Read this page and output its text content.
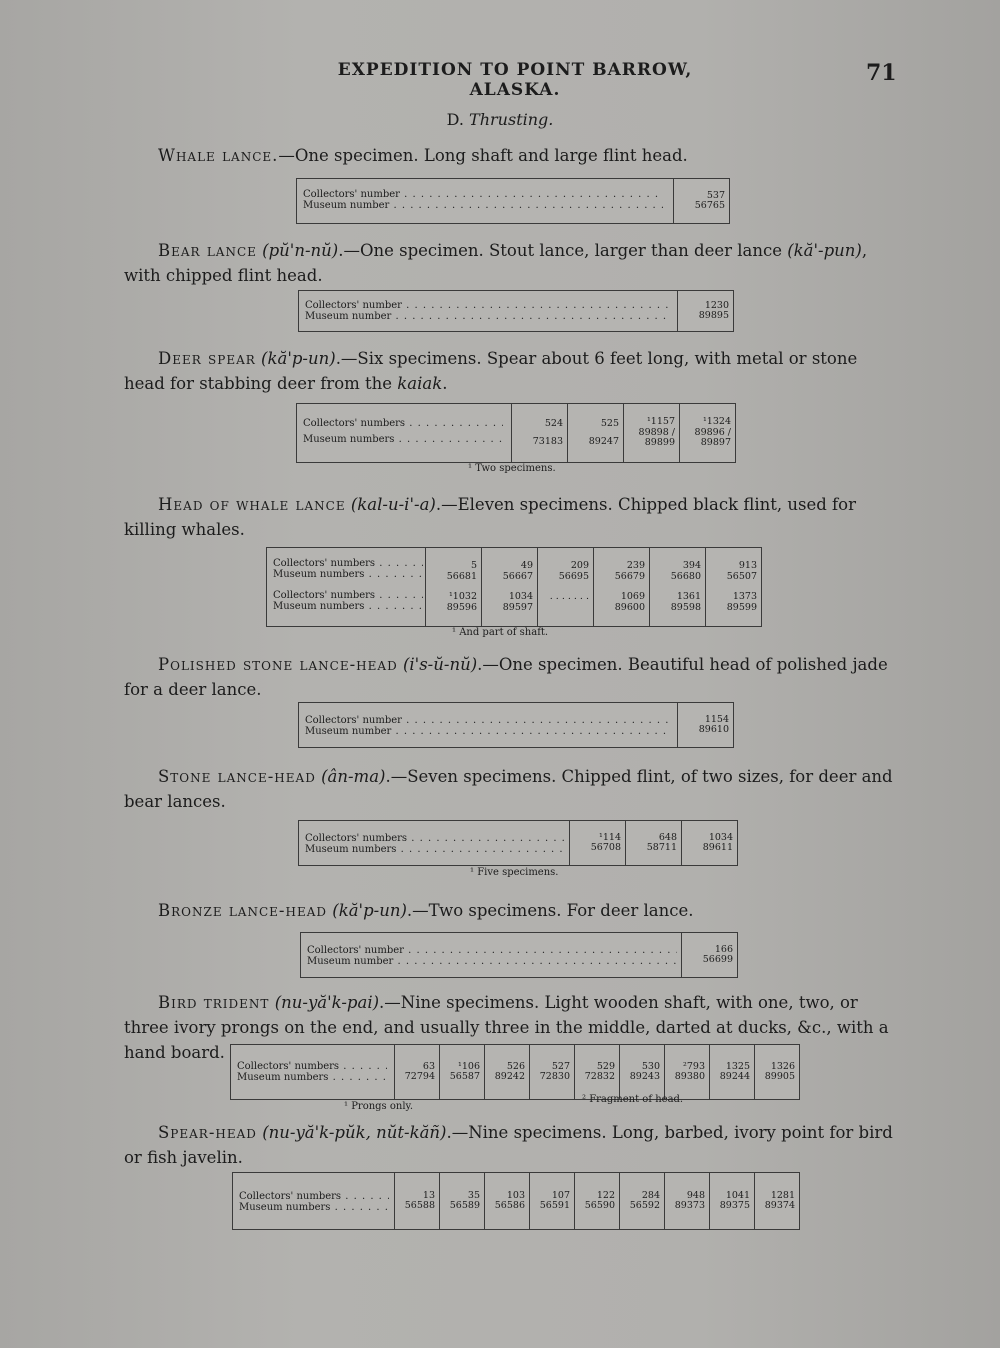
EXPEDITION TO POINT BARROW, ALASKA.
71
D. Thrusting.

Whale lance.—One specimen. Long shaft and large flint head.

Collectors' number . . .
Museum number . . .
537
56765

Bear lance (pŭ'n-nŭ).—One specimen. Stout lance, larger than deer lance (kă'-pun), with chipped flint head.

Collectors' number . . .
Museum number . . .
1230
89895

Deer spear (kă'p-un).—Six specimens. Spear about 6 feet long, with metal or stone head for stabbing deer from the kaiak.

Collectors' numbers . . .
Museum numbers . . .
524
73183
525
89247
¹1157
89898 / 89899
¹1324
89896 / 89897
¹ Two specimens.

Head of whale lance (kal-u-i'-a).—Eleven specimens. Chipped black flint, used for killing whales.

Collectors' numbers . . .
Museum numbers . . .
Collectors' numbers . . .
Museum numbers . . .
5
56681
¹1032
89596
49
56667
1034
89597
209
56695
. . . . . . .

239
56679
1069
89600
394
56680
1361
89598
913
56507
1373
89599
¹ And part of shaft.

Polished stone lance-head (i's-ŭ-nŭ).—One specimen. Beautiful head of polished jade for a deer lance.

Collectors' number . . .
Museum number . . .
1154
89610

Stone lance-head (ân-ma).—Seven specimens. Chipped flint, of two sizes, for deer and bear lances.

Collectors' numbers . . .
Museum numbers . . .
¹114
56708
648
58711
1034
89611
¹ Five specimens.

Bronze lance-head (kă'p-un).—Two specimens. For deer lance.

Collectors' number . . .
Museum number . . .
166
56699

Bird trident (nu-yă'k-pai).—Nine specimens. Light wooden shaft, with one, two, or three ivory prongs on the end, and usually three in the middle, darted at ducks, &c., with a hand board.

Collectors' numbers . . .
Museum numbers . . .
63
72794
¹106
56587
526
89242
527
72830
529
72832
530
89243
²793
89380
1325
89244
1326
89905
¹ Prongs only.
² Fragment of head.

Spear-head (nu-yă'k-pŭk, nŭt-kăñ).—Nine specimens. Long, barbed, ivory point for bird or fish javelin.

Collectors' numbers . . .
Museum numbers . . .
13
56588
35
56589
103
56586
107
56591
122
56590
284
56592
948
89373
1041
89375
1281
89374
